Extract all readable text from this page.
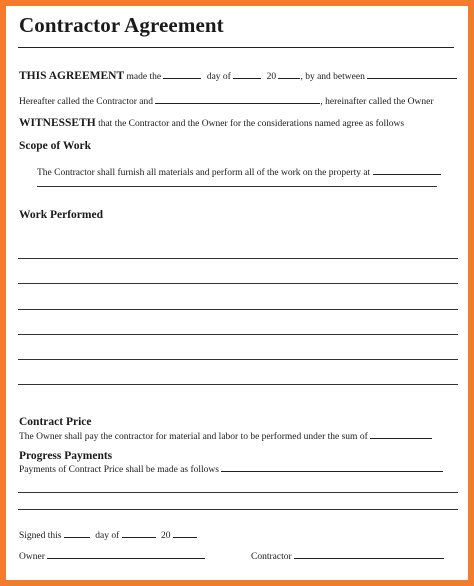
Contractor Agreement
THIS AGREEMENT made the	day of	20	, by and between
Hereafter called the Contractor and	, hereinafter called the Owner
WITNESSETH that the Contractor and the Owner for the considerations named agree as follows
Scope of Work
The Contractor shall furnish all materials and perform all of the work on the property at
Work Performed
Contract Price
The Owner shall pay the contractor for material and labor to be performed under the sum of
Progress Payments
Payments of Contract Price shall be made as follows
Signed this	day of	20
Owner	Contractor
